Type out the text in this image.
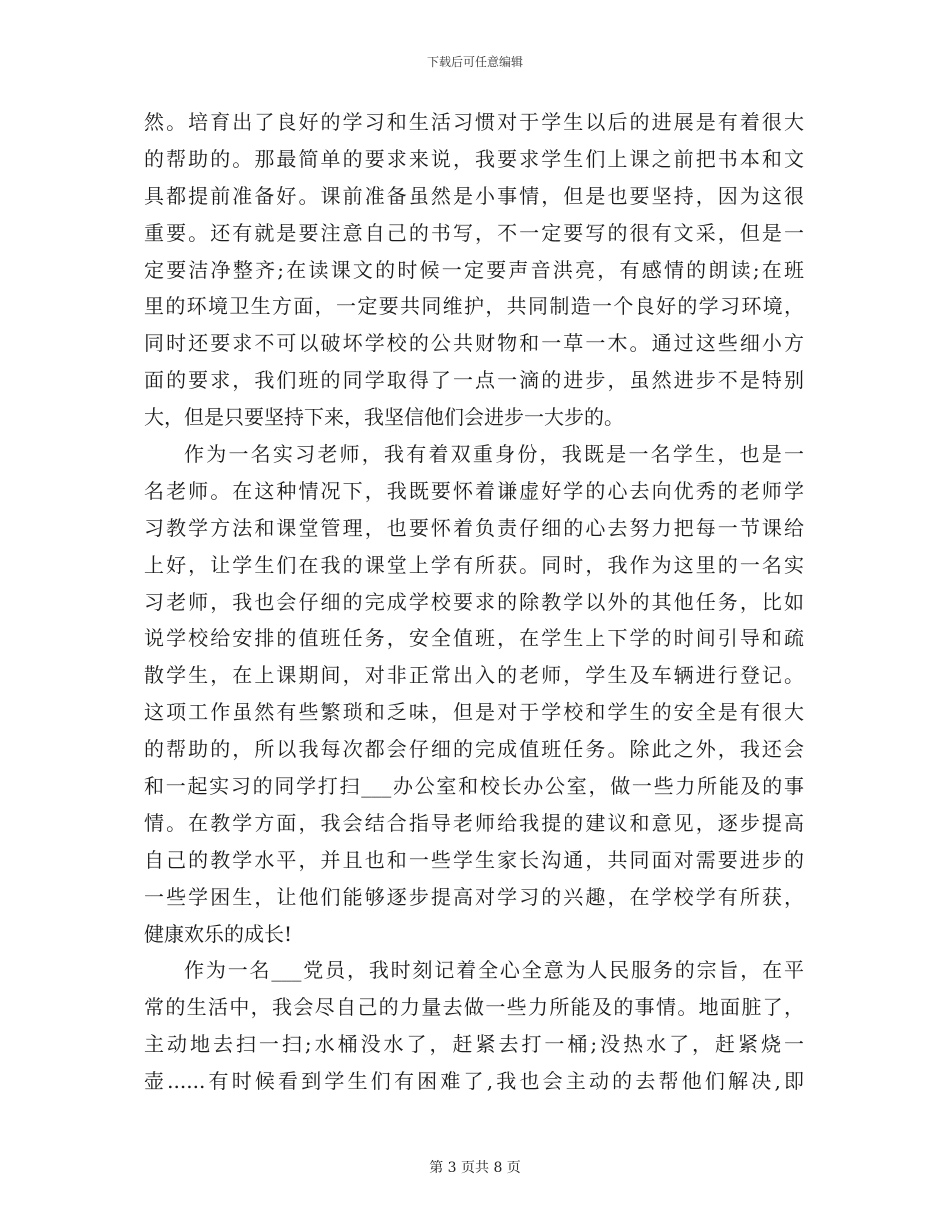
下载后可任意编辑
然。培育出了良好的学习和生活习惯对于学生以后的进展是有着很大
的帮助的。那最简单的要求来说，我要求学生们上课之前把书本和文
具都提前准备好。课前准备虽然是小事情，但是也要坚持，因为这很
重要。还有就是要注意自己的书写，不一定要写的很有文采，但是一
定要洁净整齐;在读课文的时候一定要声音洪亮，有感情的朗读;在班
里的环境卫生方面，一定要共同维护，共同制造一个良好的学习环境，
同时还要求不可以破坏学校的公共财物和一草一木。通过这些细小方
面的要求，我们班的同学取得了一点一滴的进步，虽然进步不是特别
大，但是只要坚持下来，我坚信他们会进步一大步的。
作为一名实习老师，我有着双重身份，我既是一名学生，也是一
名老师。在这种情况下，我既要怀着谦虚好学的心去向优秀的老师学
习教学方法和课堂管理，也要怀着负责仔细的心去努力把每一节课给
上好，让学生们在我的课堂上学有所获。同时，我作为这里的一名实
习老师，我也会仔细的完成学校要求的除教学以外的其他任务，比如
说学校给安排的值班任务，安全值班，在学生上下学的时间引导和疏
散学生，在上课期间，对非正常出入的老师，学生及车辆进行登记。
这项工作虽然有些繁琐和乏味，但是对于学校和学生的安全是有很大
的帮助的，所以我每次都会仔细的完成值班任务。除此之外，我还会
和一起实习的同学打扫___办公室和校长办公室，做一些力所能及的事
情。在教学方面，我会结合指导老师给我提的建议和意见，逐步提高
自己的教学水平，并且也和一些学生家长沟通，共同面对需要进步的
一些学困生，让他们能够逐步提高对学习的兴趣，在学校学有所获，
健康欢乐的成长!
作为一名___党员，我时刻记着全心全意为人民服务的宗旨，在平
常的生活中，我会尽自己的力量去做一些力所能及的事情。地面脏了，
主动地去扫一扫;水桶没水了，赶紧去打一桶;没热水了，赶紧烧一
壶......有时候看到学生们有困难了,我也会主动的去帮他们解决,即
第 3 页共 8 页
